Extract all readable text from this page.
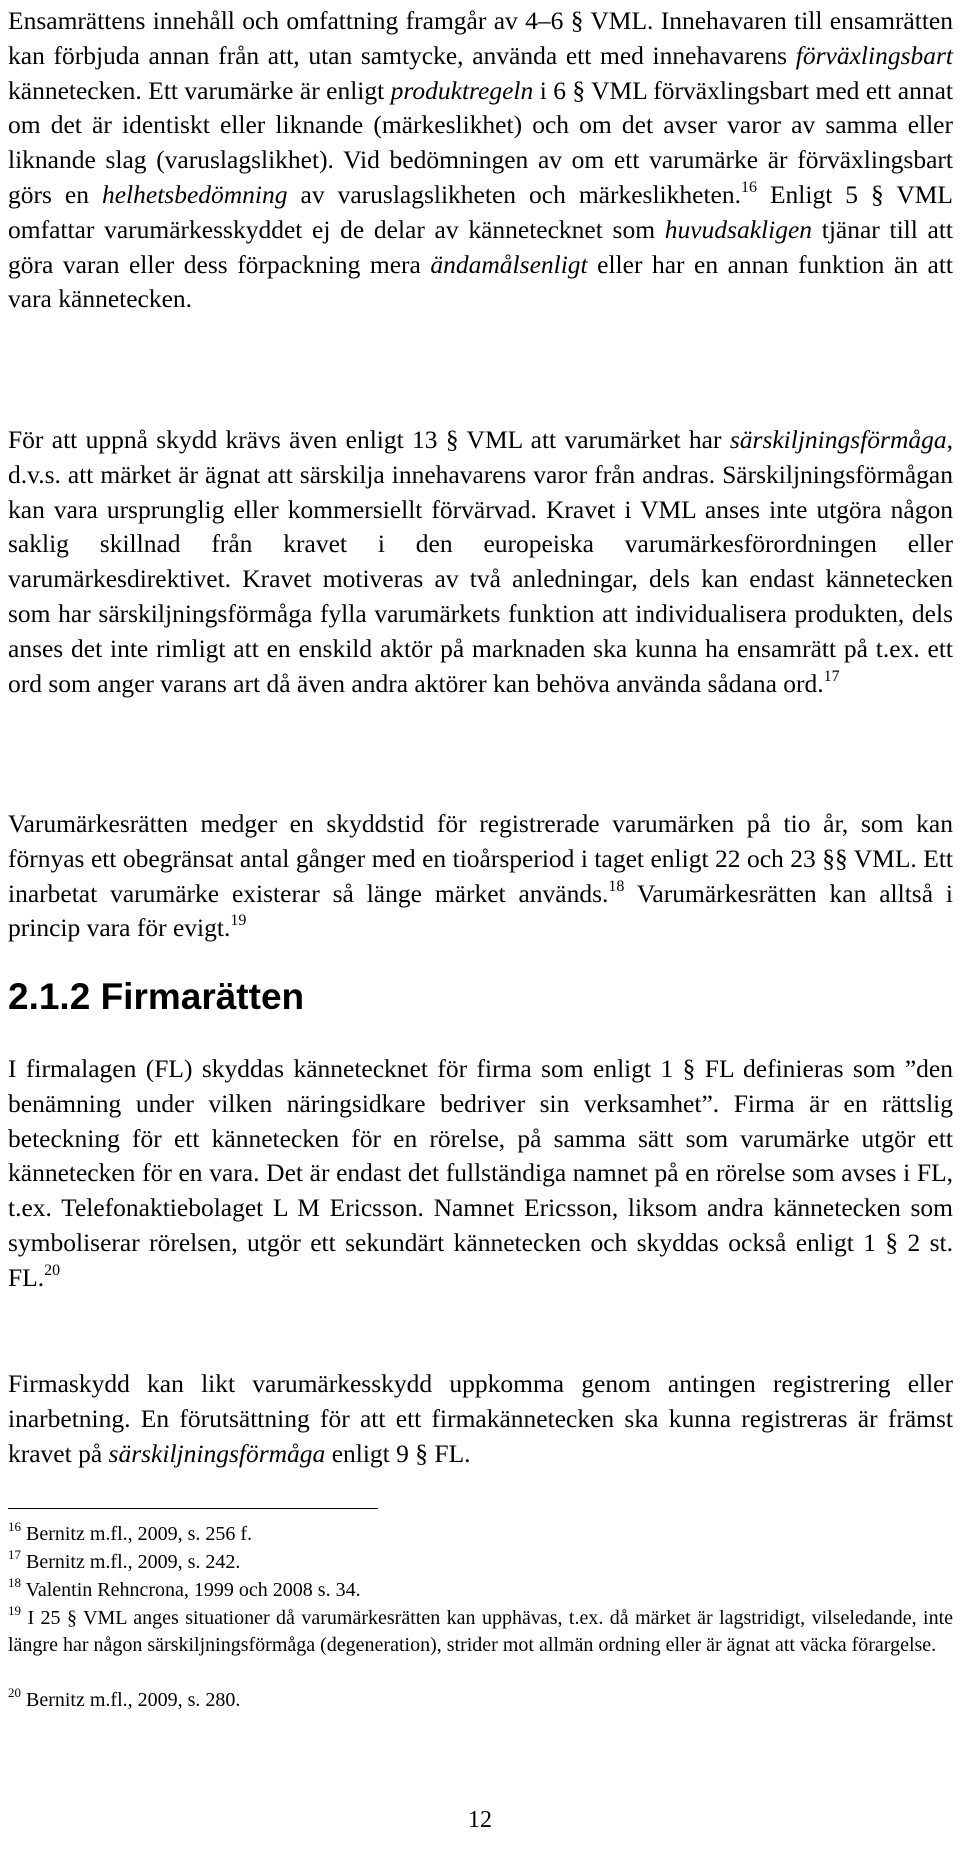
Ensamrättens innehåll och omfattning framgår av 4–6 § VML. Innehavaren till ensamrätten kan förbjuda annan från att, utan samtycke, använda ett med innehavarens förväxlingsbart kännetecken. Ett varumärke är enligt produktregeln i 6 § VML förväxlingsbart med ett annat om det är identiskt eller liknande (märkeslikhet) och om det avser varor av samma eller liknande slag (varuslagslikhet). Vid bedömningen av om ett varumärke är förväxlingsbart görs en helhetsbedömning av varuslagslikheten och märkeslikheten.$^{16}$ Enligt 5 § VML omfattar varumärkesskyddet ej de delar av kännetecknet som huvudsakligen tjänar till att göra varan eller dess förpackning mera ändamålsenligt eller har en annan funktion än att vara kännetecken.

För att uppnå skydd krävs även enligt 13 § VML att varumärket har särskiljningsförmåga, d.v.s. att märket är ägnat att särskilja innehavarens varor från andras. Särskiljningsförmågan kan vara ursprunglig eller kommersiellt förvärvad. Kravet i VML anses inte utgöra någon saklig skillnad från kravet i den europeiska varumärkesförordningen eller varumärkesdirektivet. Kravet motiveras av två anledningar, dels kan endast kännetecken som har särskiljningsförmåga fylla varumärkets funktion att individualisera produkten, dels anses det inte rimligt att en enskild aktör på marknaden ska kunna ha ensamrätt på t.ex. ett ord som anger varans art då även andra aktörer kan behöva använda sådana ord.$^{17}$

Varumärkesrätten medger en skyddstid för registrerade varumärken på tio år, som kan förnyas ett obegränsat antal gånger med en tioårsperiod i taget enligt 22 och 23 §§ VML. Ett inarbetat varumärke existerar så länge märket används.$^{18}$ Varumärkesrätten kan alltså i princip vara för evigt.$^{19}$

2.1.2 Firmarätten

I firmalagen (FL) skyddas kännetecknet för firma som enligt 1 § FL definieras som ”den benämning under vilken näringsidkare bedriver sin verksamhet”. Firma är en rättslig beteckning för ett kännetecken för en rörelse, på samma sätt som varumärke utgör ett kännetecken för en vara. Det är endast det fullständiga namnet på en rörelse som avses i FL, t.ex. Telefonaktiebolaget L M Ericsson. Namnet Ericsson, liksom andra kännetecken som symboliserar rörelsen, utgör ett sekundärt kännetecken och skyddas också enligt 1 § 2 st. FL.$^{20}$

Firmaskydd kan likt varumärkesskydd uppkomma genom antingen registrering eller inarbetning. En förutsättning för att ett firmakännetecken ska kunna registreras är främst kravet på särskiljningsförmåga enligt 9 § FL.

$^{16}$ Bernitz m.fl., 2009, s. 256 f.

$^{17}$ Bernitz m.fl., 2009, s. 242.

$^{18}$ Valentin Rehncrona, 1999 och 2008 s. 34.

$^{19}$ I 25 § VML anges situationer då varumärkesrätten kan upphävas, t.ex. då märket är lagstridigt, vilseledande, inte längre har någon särskiljningsförmåga (degeneration), strider mot allmän ordning eller är ägnat att väcka förargelse.

$^{20}$ Bernitz m.fl., 2009, s. 280.

12
